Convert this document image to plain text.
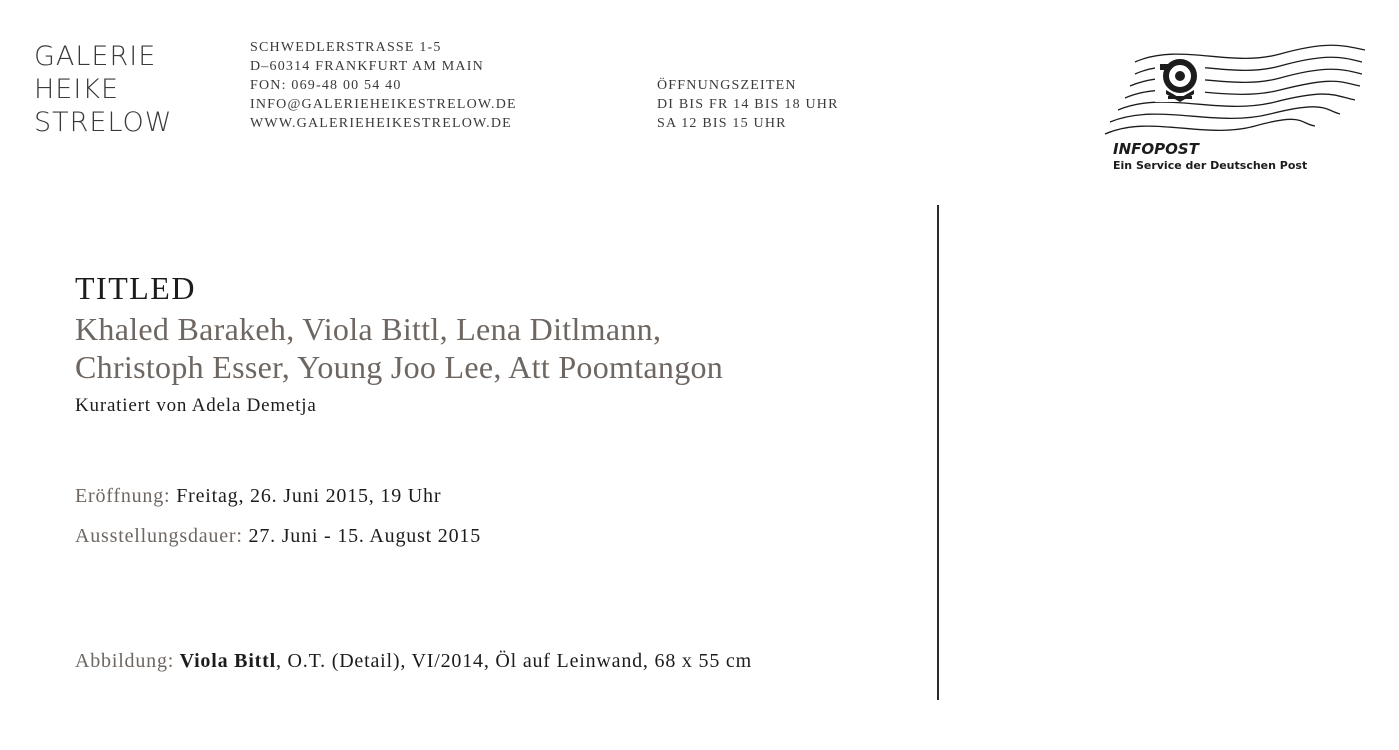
GALERIE
HEIKE
STRELOW
SCHWEDLERSTRASSE 1-5
D–60314 FRANKFURT AM MAIN
FON: 069-48 00 54 40
INFO@GALERIEHEIKESTRELOW.DE
WWW.GALERIEHEIKESTRELOW.DE
ÖFFNUNGSZEITEN
DI BIS FR 14 BIS 18 UHR
SA 12 BIS 15 UHR
INFOPOST
Ein Service der Deutschen Post
TITLED
Khaled Barakeh, Viola Bittl, Lena Ditlmann,
Christoph Esser, Young Joo Lee, Att Poomtangon
Kuratiert von Adela Demetja
Eröffnung: Freitag, 26. Juni 2015, 19 Uhr
Ausstellungsdauer: 27. Juni - 15. August 2015
Abbildung: Viola Bittl, O.T. (Detail), VI/2014, Öl auf Leinwand, 68 x 55 cm
